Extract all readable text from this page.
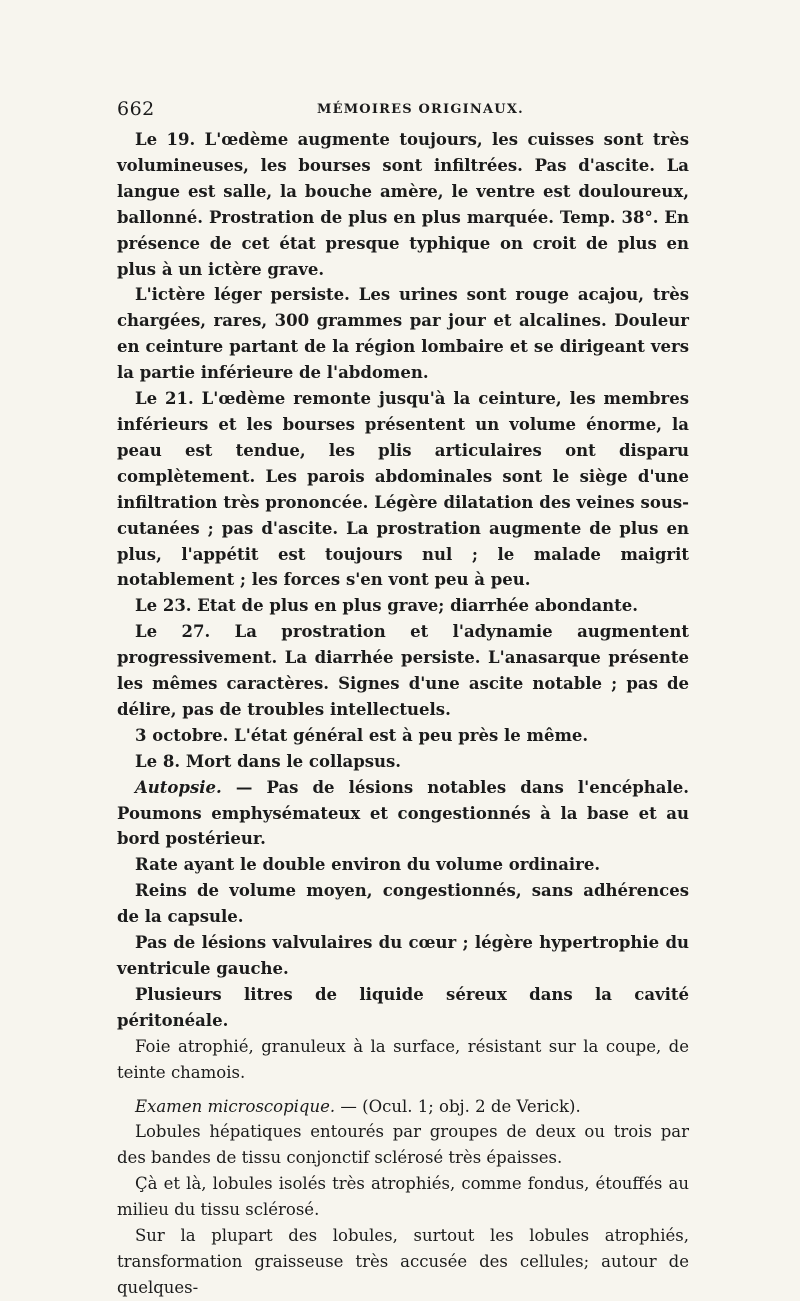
662	MÉMOIRES ORIGINAUX.

Le 19. L'œdème augmente toujours, les cuisses sont très volumineuses, les bourses sont infiltrées. Pas d'ascite. La langue est salle, la bouche amère, le ventre est douloureux, ballonné. Prostration de plus en plus marquée. Temp. 38°. En présence de cet état presque typhique on croit de plus en plus à un ictère grave.

L'ictère léger persiste. Les urines sont rouge acajou, très chargées, rares, 300 grammes par jour et alcalines. Douleur en ceinture partant de la région lombaire et se dirigeant vers la partie inférieure de l'abdomen.

Le 21. L'œdème remonte jusqu'à la ceinture, les membres inférieurs et les bourses présentent un volume énorme, la peau est tendue, les plis articulaires ont disparu complètement. Les parois abdominales sont le siège d'une infiltration très prononcée. Légère dilatation des veines sous-cutanées ; pas d'ascite. La prostration augmente de plus en plus, l'appétit est toujours nul ; le malade maigrit notablement ; les forces s'en vont peu à peu.

Le 23. Etat de plus en plus grave; diarrhée abondante.

Le 27. La prostration et l'adynamie augmentent progressivement. La diarrhée persiste. L'anasarque présente les mêmes caractères. Signes d'une ascite notable ; pas de délire, pas de troubles intellectuels.

3 octobre. L'état général est à peu près le même.

Le 8. Mort dans le collapsus.

Autopsie. — Pas de lésions notables dans l'encéphale. Poumons emphysémateux et congestionnés à la base et au bord postérieur.

Rate ayant le double environ du volume ordinaire.

Reins de volume moyen, congestionnés, sans adhérences de la capsule.

Pas de lésions valvulaires du cœur ; légère hypertrophie du ventricule gauche.

Plusieurs litres de liquide séreux dans la cavité péritonéale.

Foie atrophié, granuleux à la surface, résistant sur la coupe, de teinte chamois.

Examen microscopique. — (Ocul. 1; obj. 2 de Verick).

Lobules hépatiques entourés par groupes de deux ou trois par des bandes de tissu conjonctif sclérosé très épaisses.

Çà et là, lobules isolés très atrophiés, comme fondus, étouffés au milieu du tissu sclérosé.

Sur la plupart des lobules, surtout les lobules atrophiés, transformation graisseuse très accusée des cellules; autour de quelques-
